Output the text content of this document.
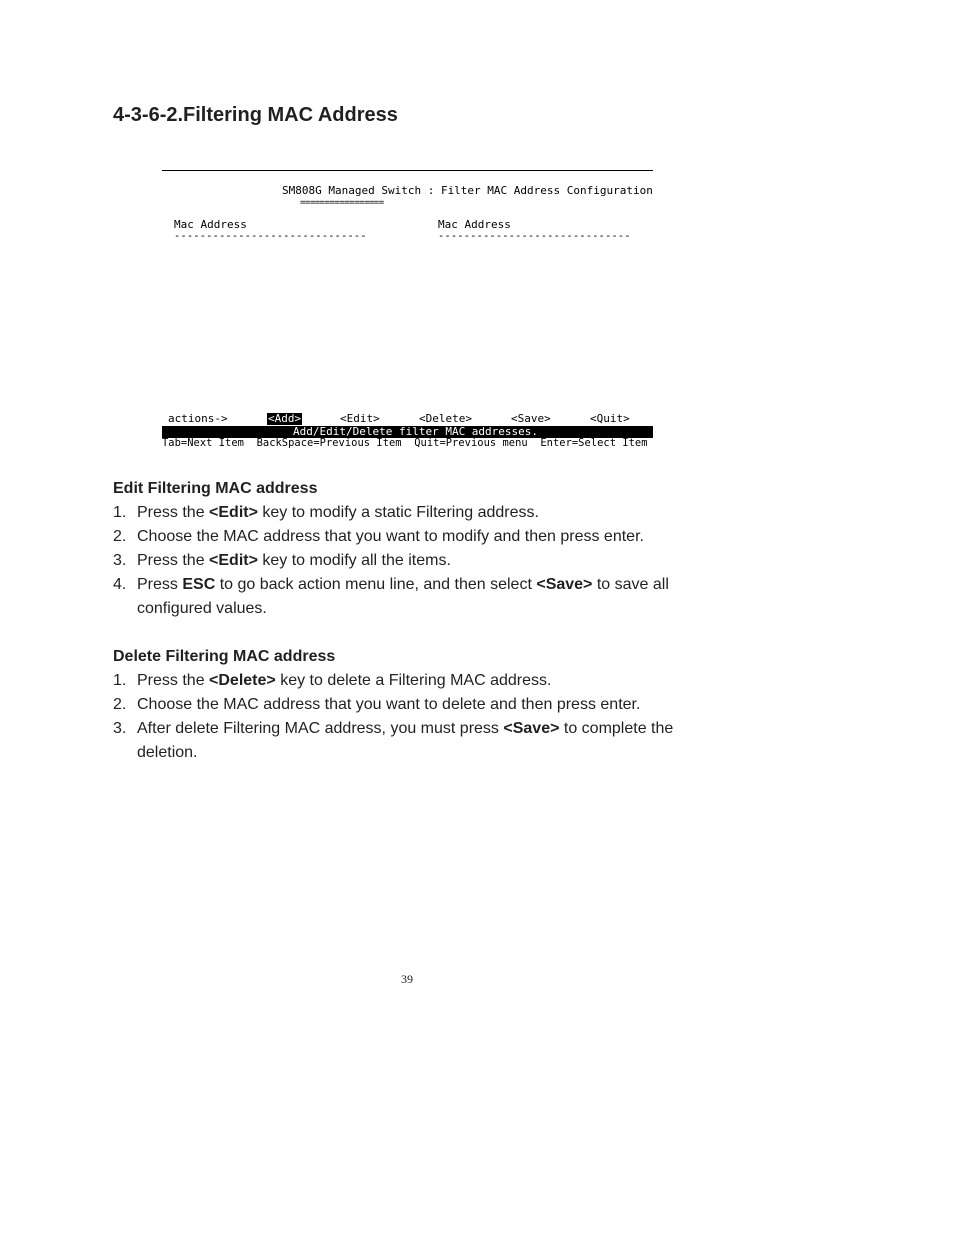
4-3-6-2.Filtering MAC Address
SM808G Managed Switch : Filter MAC Address Configuration
=================
Mac Address	Mac Address
------------------------------	------------------------------
actions->	<Add>	<Edit>	<Delete>	<Save>	<Quit>
Add/Edit/Delete filter MAC addresses.
Tab=Next Item  BackSpace=Previous Item  Quit=Previous menu  Enter=Select Item
Edit Filtering MAC address
1. Press the <Edit> key to modify a static Filtering address.
2. Choose the MAC address that you want to modify and then press enter.
3. Press the <Edit> key to modify all the items.
4. Press ESC to go back action menu line, and then select <Save> to save all configured values.
Delete Filtering MAC address
1. Press the <Delete> key to delete a Filtering MAC address.
2. Choose the MAC address that you want to delete and then press enter.
3. After delete Filtering MAC address, you must press <Save> to complete the deletion.
39
